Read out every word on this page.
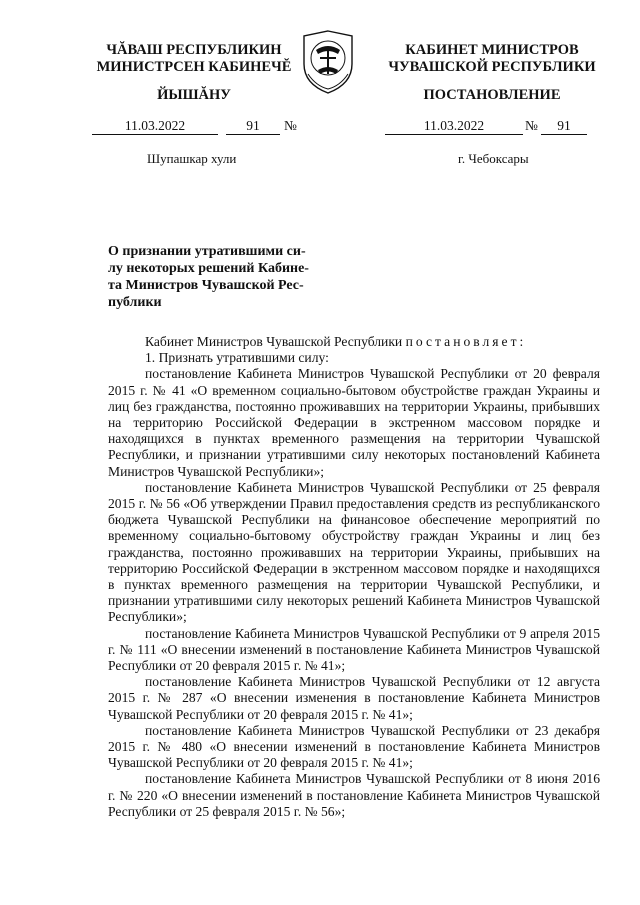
ЧĂВАШ РЕСПУБЛИКИН
МИНИСТРСЕН КАБИНЕЧĔ
КАБИНЕТ МИНИСТРОВ
ЧУВАШСКОЙ РЕСПУБЛИКИ
ЙЫШĂНУ	ПОСТАНОВЛЕНИЕ
11.03.2022	91	№	11.03.2022	№	91
Шупашкар хули	г. Чебоксары

О признании утратившими си-

лу некоторых решений Кабине-

та Министров Чувашской Рес-

публики

Кабинет Министров Чувашской Республики постановляет:

1. Признать утратившими силу:

постановление Кабинета Министров Чувашской Республики от 20 февраля 2015 г. № 41 «О временном социально-бытовом обустройстве граждан Украины и лиц без гражданства, постоянно проживавших на территории Украины, прибывших на территорию Российской Федерации в экстренном массовом порядке и находящихся в пунктах временного размещения на территории Чувашской Республики, и признании утратившими силу некоторых постановлений Кабинета Министров Чувашской Республики»;

постановление Кабинета Министров Чувашской Республики от 25 февраля 2015 г. № 56 «Об утверждении Правил предоставления средств из республиканского бюджета Чувашской Республики на финансовое обеспечение мероприятий по временному социально-бытовому обустройству граждан Украины и лиц без гражданства, постоянно проживавших на территории Украины, прибывших на территорию Российской Федерации в экстренном массовом порядке и находящихся в пунктах временного размещения на территории Чувашской Республики, и признании утратившими силу некоторых решений Кабинета Министров Чувашской Республики»;

постановление Кабинета Министров Чувашской Республики от 9 апреля 2015 г. № 111 «О внесении изменений в постановление Кабинета Министров Чувашской Республики от 20 февраля 2015 г. № 41»;

постановление Кабинета Министров Чувашской Республики от 12 августа 2015 г. № 287 «О внесении изменения в постановление Кабинета Министров Чувашской Республики от 20 февраля 2015 г. № 41»;

постановление Кабинета Министров Чувашской Республики от 23 декабря 2015 г. № 480 «О внесении изменений в постановление Кабинета Министров Чувашской Республики от 20 февраля 2015 г. № 41»;

постановление Кабинета Министров Чувашской Республики от 8 июня 2016 г. № 220 «О внесении изменений в постановление Кабинета Министров Чувашской Республики от 25 февраля 2015 г. № 56»;
